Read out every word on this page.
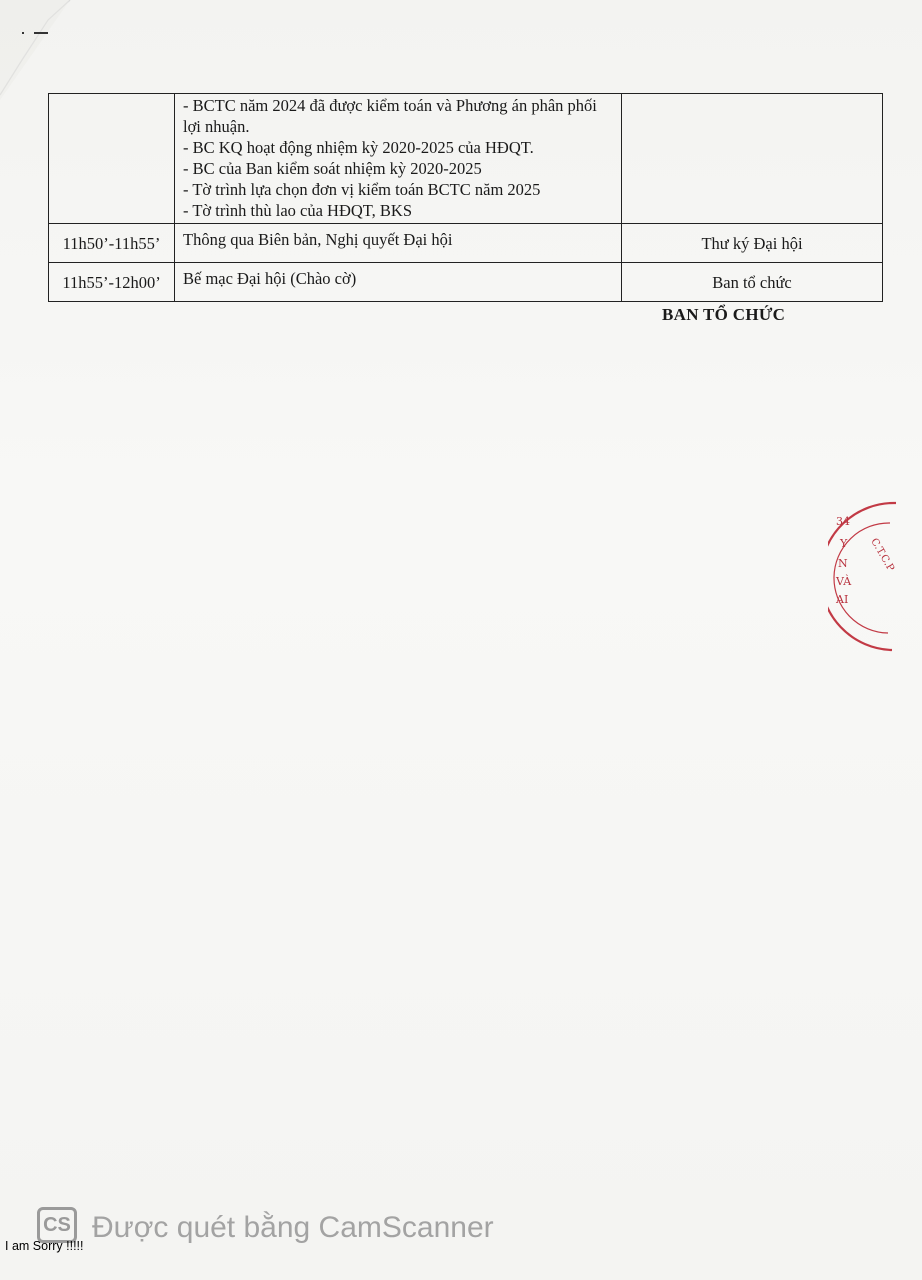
	- BCTC năm 2024 đã được kiểm toán và Phương án phân phối lợi nhuận.
- BC KQ hoạt động nhiệm kỳ 2020-2025 của HĐQT.
- BC của Ban kiểm soát nhiệm kỳ 2020-2025
- Tờ trình lựa chọn đơn vị kiểm toán BCTC năm 2025
- Tờ trình thù lao của HĐQT, BKS	

11h50’-11h55’	Thông qua Biên bản, Nghị quyết Đại hội	Thư ký Đại hội
11h55’-12h00’	Bế mạc Đại hội (Chào cờ)	Ban tổ chức
BAN TỔ CHỨC
34
C.T.C.P
Y
N
VÀ
AI
CS Được quét bằng CamScanner
I am Sorry !!!!!
